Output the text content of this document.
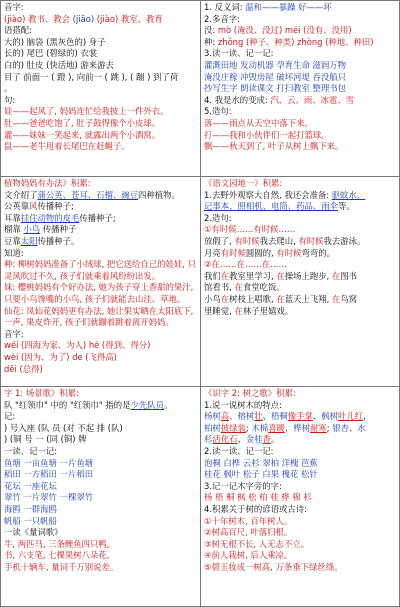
音字:
(jiào) 教书、教会 (jiāo) (jiào) 教室、教育
语搭配:
大的) 脑袋 (黑灰色的) 身子
长的) 尾巴 (碧绿的) 衣裳
白的) 肚皮 (快活地) 游来游去
目了 前面一 ( 蹬 ), 向前一 ( 跳 ), ( 蹦 ) 到了荷
。
句:
娃——起风了, 妈妈连忙给我披上一件外衣。
肚——爸爸吃饱了, 肚子鼓得像个小皮球。
灌——妹妹一笑起来, 就露出两个小酒窝。
鼠——老牛甩着长尾巴在赶蝇子。
1. 反义词: 温和——暴躁 好——坏
2.多音字:
没: mò (淹没、没过) méi (没有、没用)
种: zhǒng (种子、种类) zhòng (种地、种田)
3.读一读、记一记:
灌溉田地 发动机器 孕育生命 滋润万物
淹没庄稼 冲毁房屋 破坏河堤 吞没船只
抄写生字 朗读课文 打扫教室 整理书包
4. 我是水的变成: 汽、云、雨、冰雹、雪
5.造句:
落——雨点从天空中落下来。
打——我和小伙伴们一起打篮球。
飘——秋天到了, 叶子从树上飘下来。
植物妈妈有办法》积累:
文介绍了蒲公英、苍耳、石榴、豌豆四种植物。
公英靠风传播种子;
耳靠挂住动物的皮毛传播种子;
榴靠 小鸟 传播种子
豆靠太阳传播种子。
知道:
种: 柳树妈妈准备了小绒球, 把它送给自己的娃娃, 只
灵风吹过不久, 孩子们就乘着风纷纷出发。
妹: 樱桃妈妈有个好办法, 她为孩子穿上香甜的果汁,
只要小鸟馋嘴的小鸟, 孩子们就能去山洼、草地。
仙花: 凤仙花妈妈更有办法, 她让果实晒在太阳底下,
一声, 果皮炸开, 孩子们就蹦着跳着离开妈妈。
音字:
wéi (四海为家、为人) hé (得到、得分)
wèi (因为、为了) de (飞得高)
děi (总得)
《语文园地一》积累:
1.去野外观察大自然, 我还会准备: 驱蚊水、
记事本、照相机、电筒、药品、雨伞等。
2.造句:
①有时候……有时候……
放假了, 有时候我去爬山, 有时候我去游泳。
月亮有时候圆圆的, 有时候弯弯的。
②在……在……在……
我们在教室里学习, 在操场上跑步, 在图书
馆看书, 在食堂吃饭。
小鸟在树枝上唱歌, 在蓝天上飞翔, 在鸟窝
里睡觉, 在林子里嬉戏。
字 1: 场景歌》积累:
队 "红领巾" 中的 "红领巾" 指的是少先队员。
记:
) 号入座 (队 员 (对 不起 排 (队)
) (铜 号 一 (同 (铜) 牌
一读、记一记:
鱼塘 一亩鱼塘 一片鱼塘
稻田 一方稻田 一片稻田
花坛 一座花坛
翠竹 一片翠竹 一棵翠竹
海鸥 一群海鸥
帆船 一只帆船
一读《量词歌》
牛, 两匹马, 三条鲤鱼四只鸭,
书, 六支笔, 七棵果树八朵花,
手机十辆车, 量词千万别说差。
《识字 2: 树之歌》积累:
1.说一说树木的特点:
杨树高、榕树壮、梧桐像手掌、枫树叶儿红,
柏树披绿装; 木棉喜暖、桦树耐寒; 银杏、水
杉活化石、金桂香。
2.读一读、记一记:
泡桐 白桦 云杉 翠柏 洋槐 芭蕉
桂花 枫叶 松子 白果 槐花 松针
3.记一记木字旁的字:
杨 梧 桐 枫 松 柏 桂 桦 棉 杉
4.积累关于树的谚语或古诗:
①十年树木, 百年树人。
②树高百尺, 叶落归根。
③树无根不长, 人无志不立。
④前人栽树, 后人乘凉。
⑤碧玉妆成一树高, 万条垂下绿丝绦。
